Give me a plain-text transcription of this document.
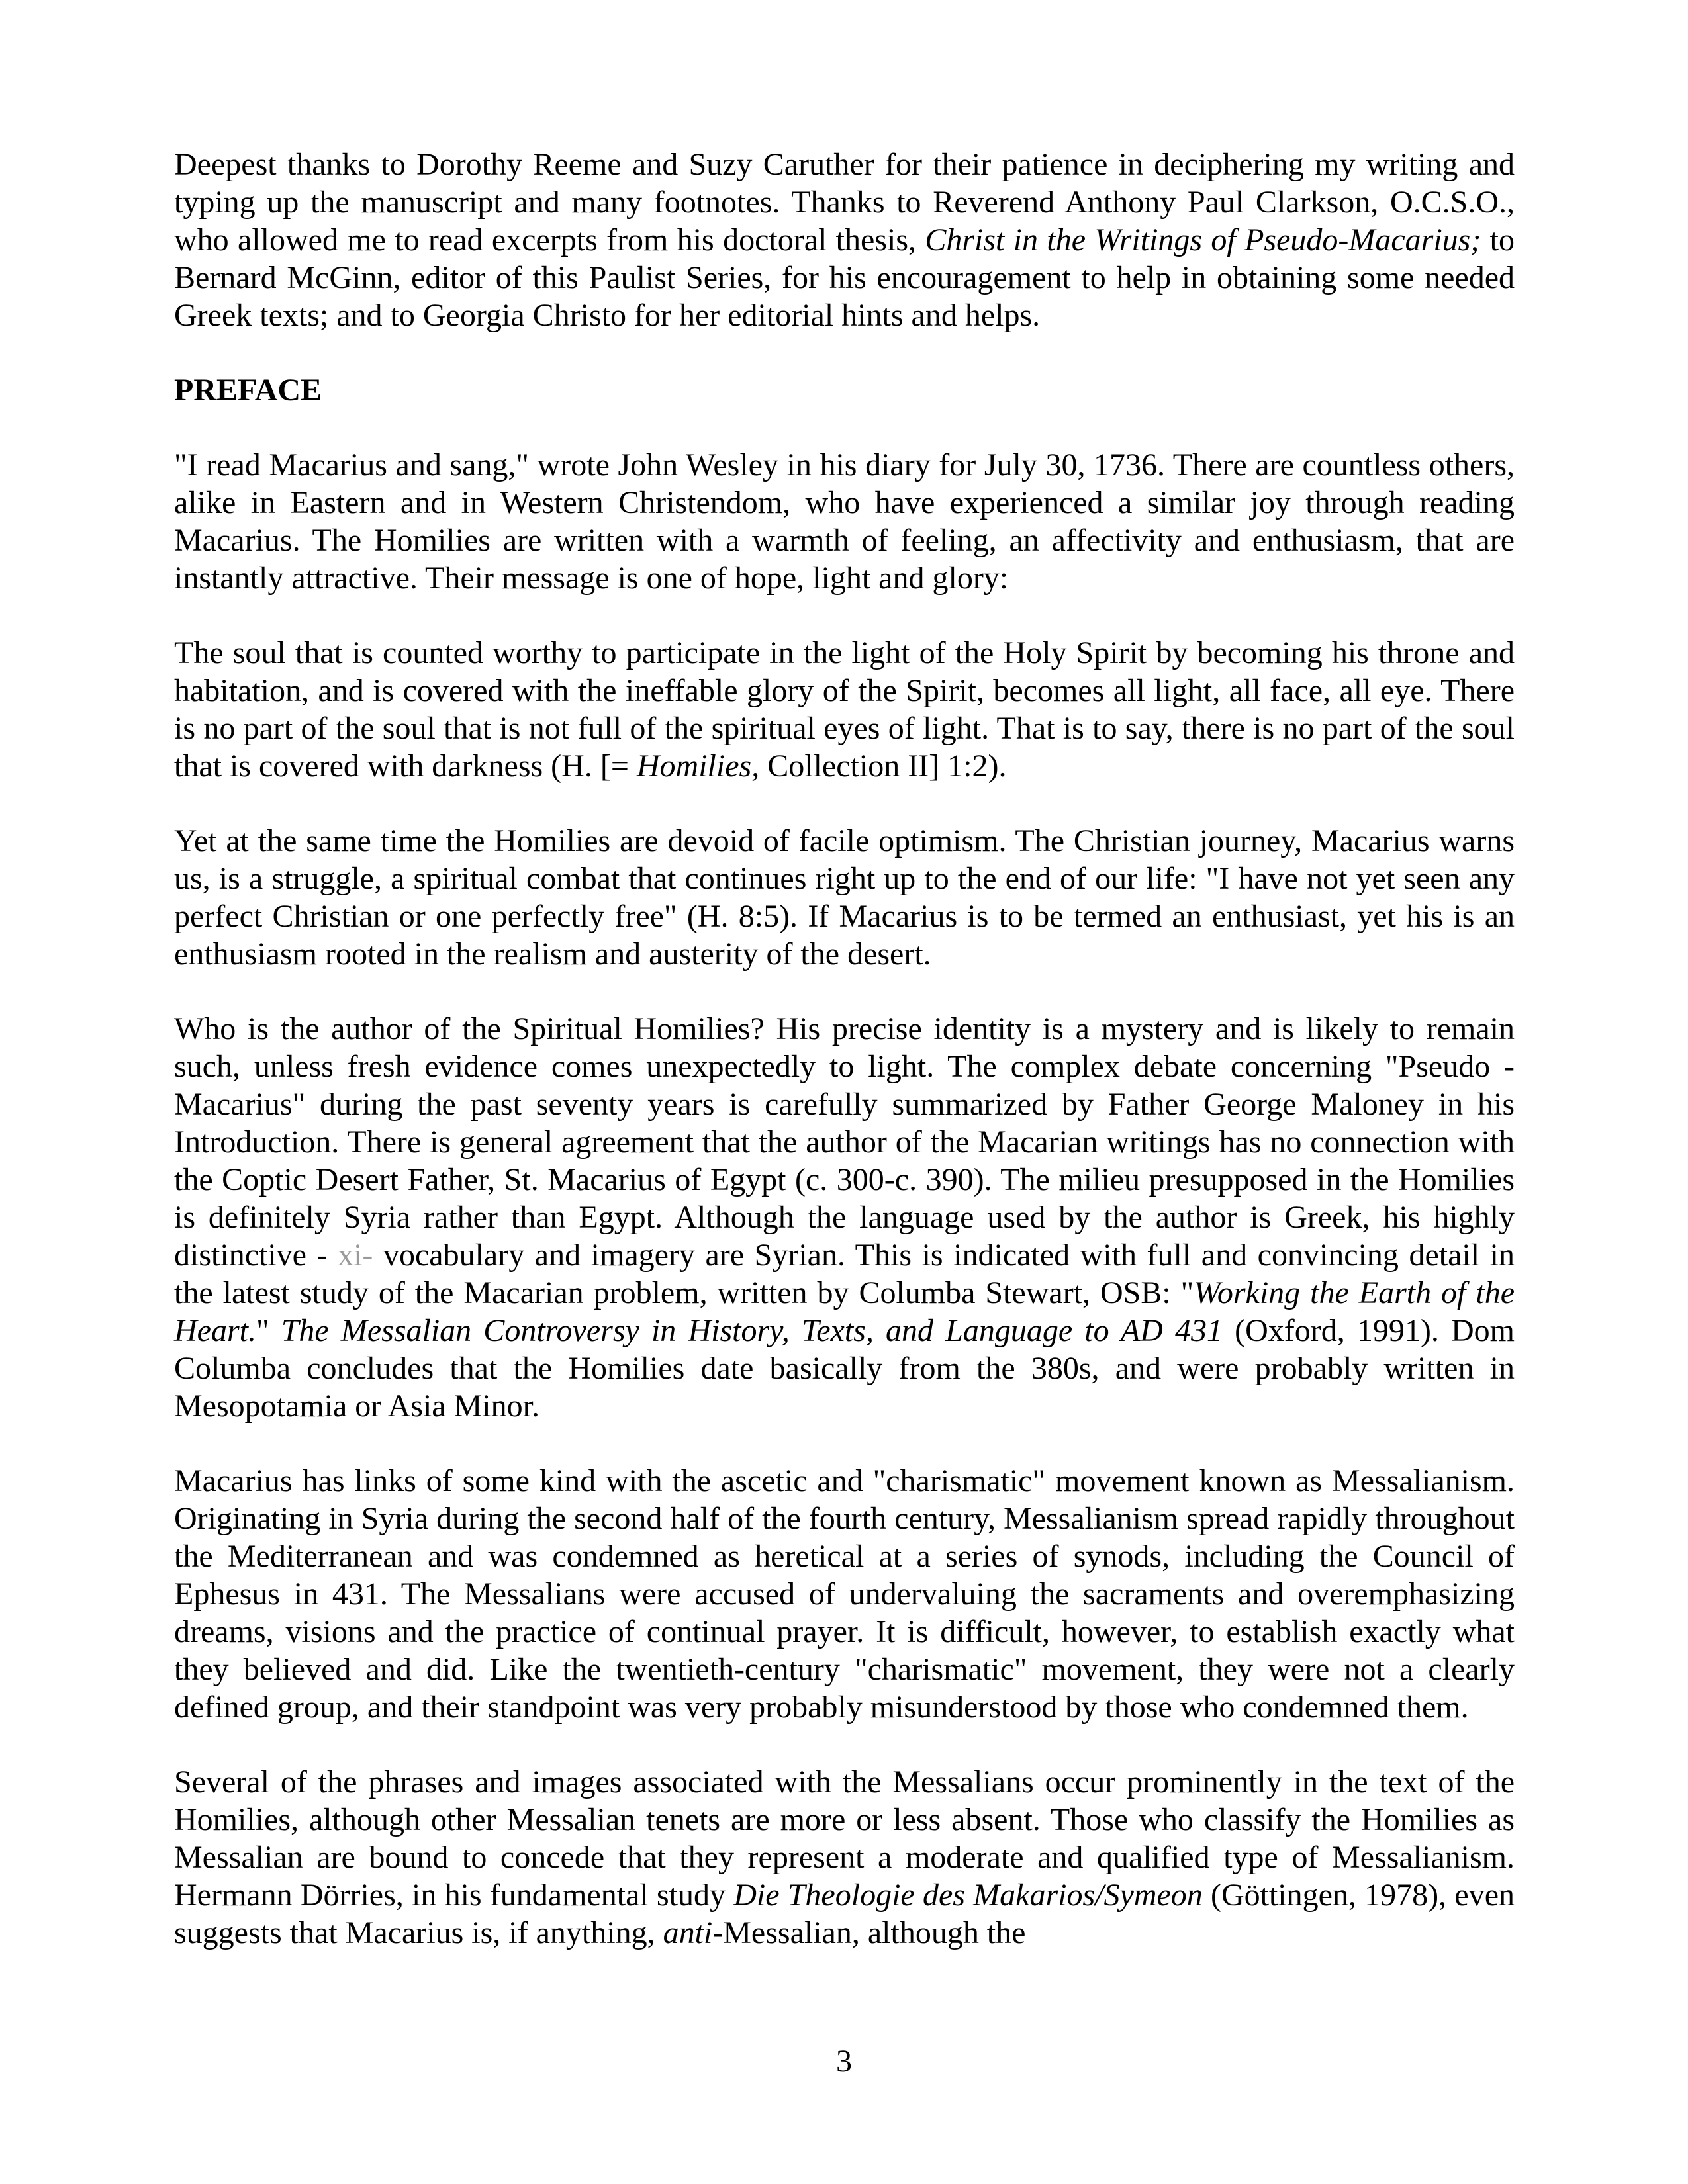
Deepest thanks to Dorothy Reeme and Suzy Caruther for their patience in deciphering my writing and typing up the manuscript and many footnotes. Thanks to Reverend Anthony Paul Clarkson, O.C.S.O., who allowed me to read excerpts from his doctoral thesis, Christ in the Writings of Pseudo-Macarius; to Bernard McGinn, editor of this Paulist Series, for his encouragement to help in obtaining some needed Greek texts; and to Georgia Christo for her editorial hints and helps.

PREFACE

"I read Macarius and sang," wrote John Wesley in his diary for July 30, 1736. There are countless others, alike in Eastern and in Western Christendom, who have experienced a similar joy through reading Macarius. The Homilies are written with a warmth of feeling, an affectivity and enthusiasm, that are instantly attractive. Their message is one of hope, light and glory:

The soul that is counted worthy to participate in the light of the Holy Spirit by becoming his throne and habitation, and is covered with the ineffable glory of the Spirit, becomes all light, all face, all eye. There is no part of the soul that is not full of the spiritual eyes of light. That is to say, there is no part of the soul that is covered with darkness (H. [= Homilies, Collection II] 1:2).

Yet at the same time the Homilies are devoid of facile optimism. The Christian journey, Macarius warns us, is a struggle, a spiritual combat that continues right up to the end of our life: "I have not yet seen any perfect Christian or one perfectly free" (H. 8:5). If Macarius is to be termed an enthusiast, yet his is an enthusiasm rooted in the realism and austerity of the desert.

Who is the author of the Spiritual Homilies? His precise identity is a mystery and is likely to remain such, unless fresh evidence comes unexpectedly to light. The complex debate concerning "Pseudo - Macarius" during the past seventy years is carefully summarized by Father George Maloney in his Introduction. There is general agreement that the author of the Macarian writings has no connection with the Coptic Desert Father, St. Macarius of Egypt (c. 300-c. 390). The milieu presupposed in the Homilies is definitely Syria rather than Egypt. Although the language used by the author is Greek, his highly distinctive - xi- vocabulary and imagery are Syrian. This is indicated with full and convincing detail in the latest study of the Macarian problem, written by Columba Stewart, OSB: "Working the Earth of the Heart." The Messalian Controversy in History, Texts, and Language to AD 431 (Oxford, 1991). Dom Columba concludes that the Homilies date basically from the 380s, and were probably written in Mesopotamia or Asia Minor.

Macarius has links of some kind with the ascetic and "charismatic" movement known as Messalianism. Originating in Syria during the second half of the fourth century, Messalianism spread rapidly throughout the Mediterranean and was condemned as heretical at a series of synods, including the Council of Ephesus in 431. The Messalians were accused of undervaluing the sacraments and overemphasizing dreams, visions and the practice of continual prayer. It is difficult, however, to establish exactly what they believed and did. Like the twentieth-century "charismatic" movement, they were not a clearly defined group, and their standpoint was very probably misunderstood by those who condemned them.

Several of the phrases and images associated with the Messalians occur prominently in the text of the Homilies, although other Messalian tenets are more or less absent. Those who classify the Homilies as Messalian are bound to concede that they represent a moderate and qualified type of Messalianism. Hermann Dörries, in his fundamental study Die Theologie des Makarios/Symeon (Göttingen, 1978), even suggests that Macarius is, if anything, anti-Messalian, although the

3
